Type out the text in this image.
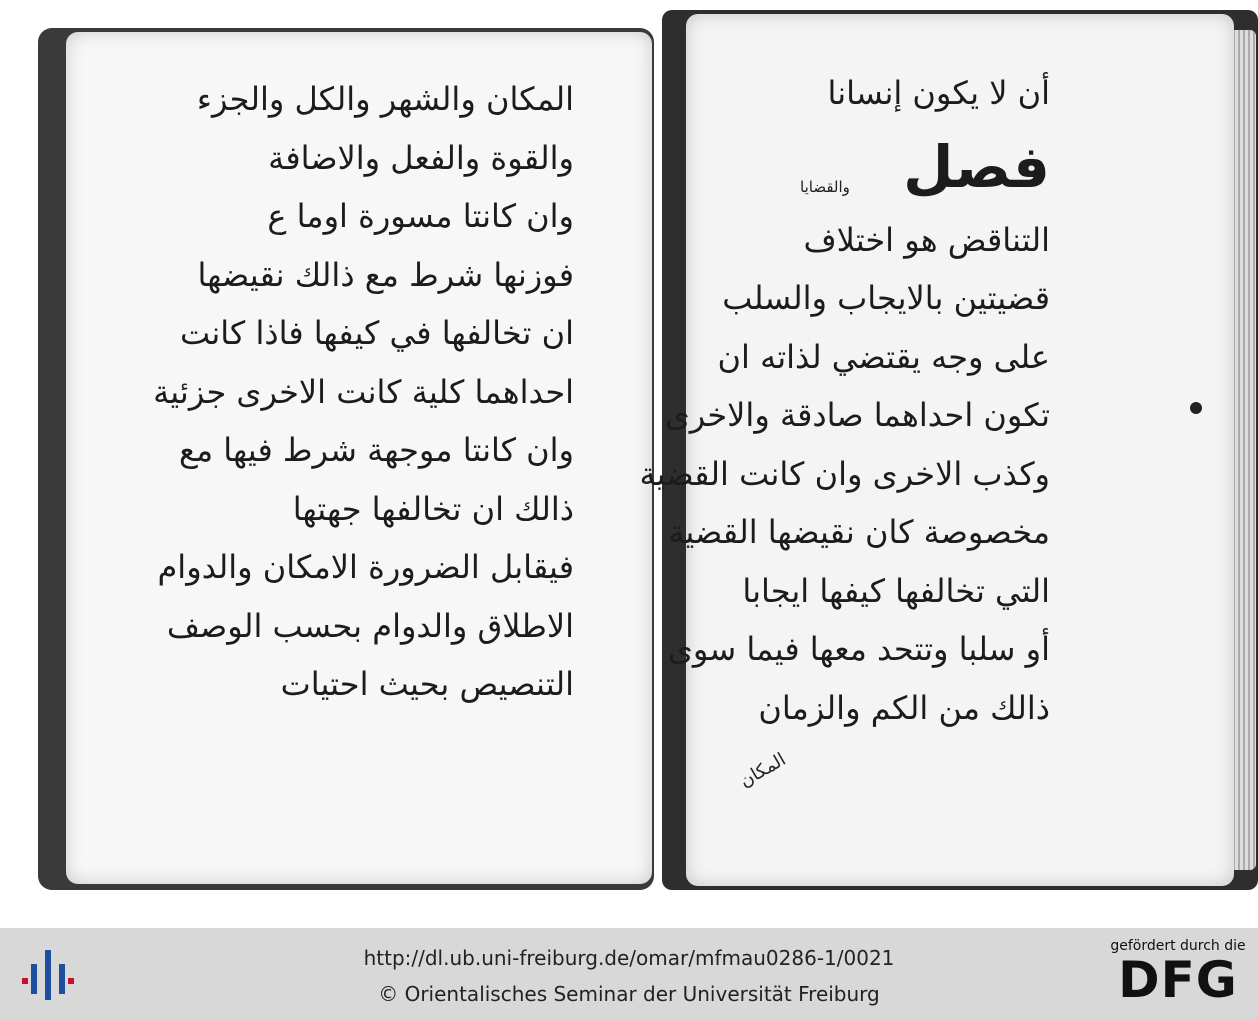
المكان والشهر والكل والجزء
والقوة والفعل والاضافة
وان كانتا مسورة اوما ع
فوزنها شرط مع ذالك نقيضها
ان تخالفها في كيفها فاذا كانت
احداهما كلية كانت الاخرى جزئية
وان كانتا موجهة شرط فيها مع
ذالك ان تخالفها جهتها
فيقابل الضرورة الامكان والدوام
الاطلاق والدوام بحسب الوصف
التنصيص بحيث احتيات
أن لا يكون إنسانا
فصل
التناقض هو اختلاف
قضيتين بالايجاب والسلب
على وجه يقتضي لذاته ان
تكون احداهما صادقة والاخرى
وكذب الاخرى وان كانت القضية
مخصوصة كان نقيضها القضية
التي تخالفها كيفها ايجابا
أو سلبا وتتحد معها فيما سوى
ذالك من الكم والزمان
والقضايا
المكان
http://dl.ub.uni-freiburg.de/omar/mfmau0286-1/0021
© Orientalisches Seminar der Universität Freiburg
gefördert durch die
DFG
